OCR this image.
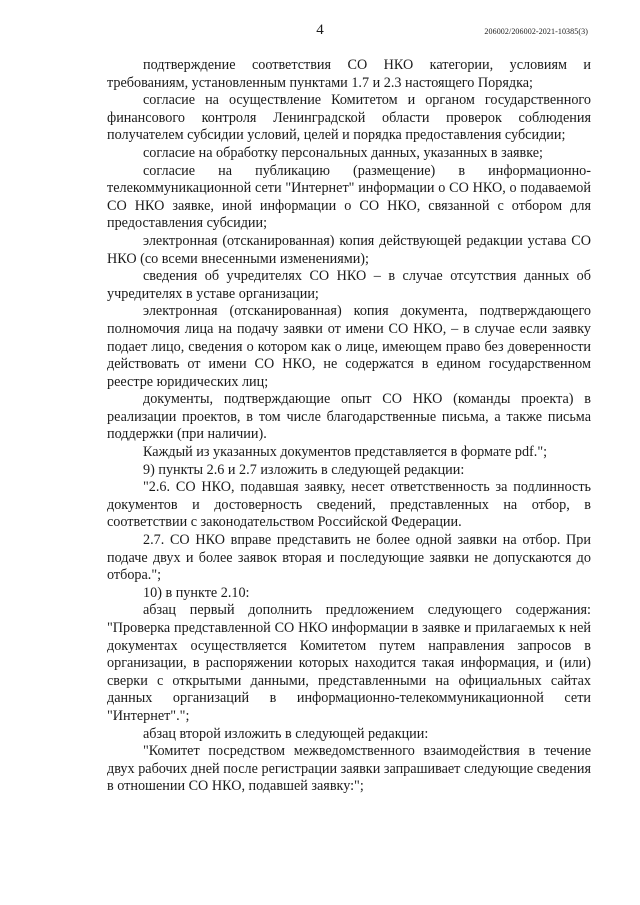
4	206002/206002-2021-10385(3)

подтверждение соответствия СО НКО категории, условиям и требованиям, установленным пунктами 1.7 и 2.3 настоящего Порядка;

согласие на осуществление Комитетом и органом государственного финансового контроля Ленинградской области проверок соблюдения получателем субсидии условий, целей и порядка предоставления субсидии;

согласие на обработку персональных данных, указанных в заявке;

согласие на публикацию (размещение) в информационно-телекоммуникационной сети "Интернет" информации о СО НКО, о подаваемой СО НКО заявке, иной информации о СО НКО, связанной с отбором для предоставления субсидии;

электронная (отсканированная) копия действующей редакции устава СО НКО (со всеми внесенными изменениями);

сведения об учредителях СО НКО – в случае отсутствия данных об учредителях в уставе организации;

электронная (отсканированная) копия документа, подтверждающего полномочия лица на подачу заявки от имени СО НКО, – в случае если заявку подает лицо, сведения о котором как о лице, имеющем право без доверенности действовать от имени СО НКО, не содержатся в едином государственном реестре юридических лиц;

документы, подтверждающие опыт СО НКО (команды проекта) в реализации проектов, в том числе благодарственные письма, а также письма поддержки (при наличии).

Каждый из указанных документов представляется в формате pdf.";

9) пункты 2.6 и 2.7 изложить в следующей редакции:

"2.6. СО НКО, подавшая заявку, несет ответственность за подлинность документов и достоверность сведений, представленных на отбор, в соответствии с законодательством Российской Федерации.

2.7. СО НКО вправе представить не более одной заявки на отбор. При подаче двух и более заявок вторая и последующие заявки не допускаются до отбора.";

10) в пункте 2.10:

абзац первый дополнить предложением следующего содержания: "Проверка представленной СО НКО информации в заявке и прилагаемых к ней документах осуществляется Комитетом путем направления запросов в организации, в распоряжении которых находится такая информация, и (или) сверки с открытыми данными, представленными на официальных сайтах данных организаций в информационно-телекоммуникационной сети "Интернет".";

абзац второй изложить в следующей редакции:

"Комитет посредством межведомственного взаимодействия в течение двух рабочих дней после регистрации заявки запрашивает следующие сведения в отношении СО НКО, подавшей заявку:";
